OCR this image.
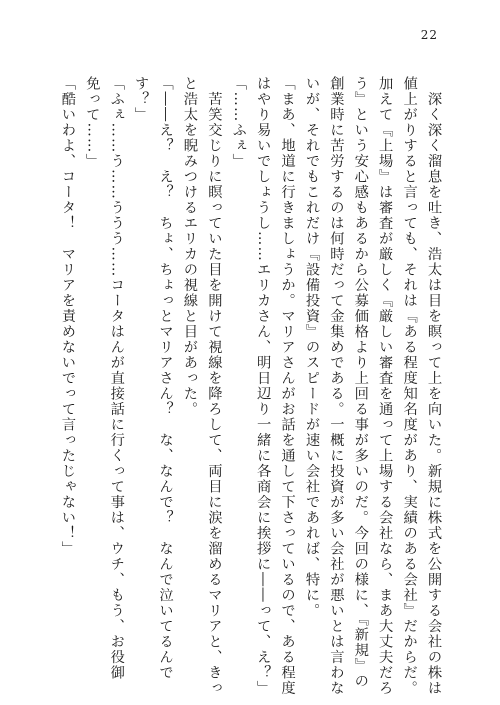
22
　深く深く溜息を吐き、浩太は目を瞑って上を向いた。新規に株式を公開する会社の株は
値上がりすると言っても、それは『ある程度知名度があり、実績のある会社』だからだ。
加えて『上場』は審査が厳しく『厳しい審査を通って上場する会社なら、まあ大丈夫だろ
う』という安心感もあるから公募価格より上回る事が多いのだ。今回の様に、『新規』の
創業時に苦労するのは何時だって金集めである。一概に投資が多い会社が悪いとは言わな
いが、それでもこれだけ『設備投資』のスピードが速い会社であれば、特に。
「まあ、地道に行きましょうか。マリアさんがお話を通して下さっているので、ある程度
はやり易いでしょうし……エリカさん、明日辺り一緒に各商会に挨拶に――って、え？」
「……ふぇ」
　苦笑交じりに瞑っていた目を開けて視線を降ろして、両目に涙を溜めるマリアと、きっ
と浩太を睨みつけるエリカの視線と目があった。
「――え？　え？　ちょ、ちょっとマリアさん？　な、なんで？　なんで泣いてるんで
す？」
「ふぇ……う……ううう……コータはんが直接話に行くって事は、ウチ、もう、お役御
免って……」
「酷いわよ、コータ！　マリアを責めないでって言ったじゃない！」
